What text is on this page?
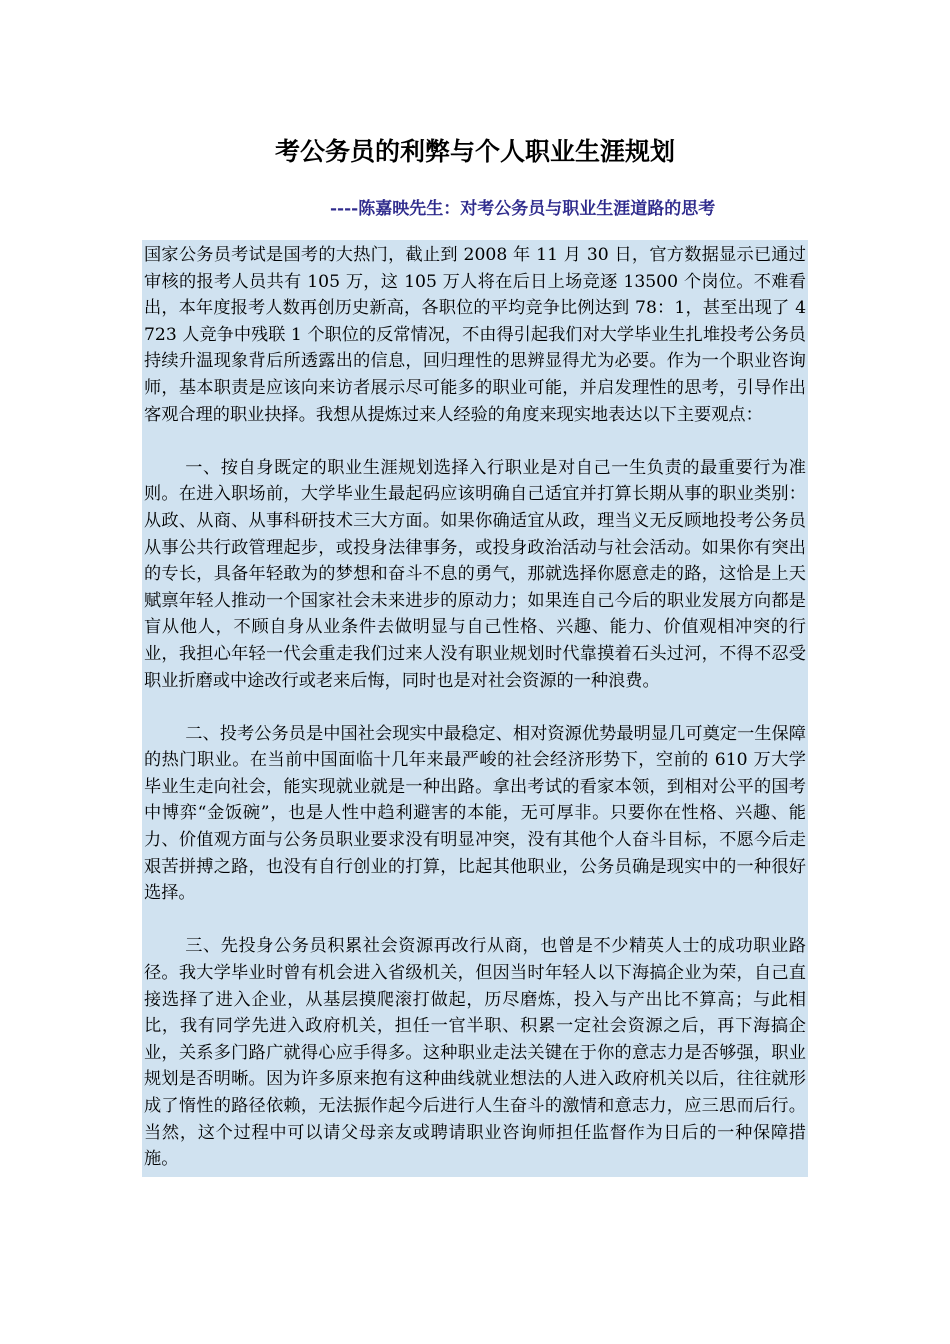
考公务员的利弊与个人职业生涯规划
----陈嘉映先生：对考公务员与职业生涯道路的思考

国家公务员考试是国考的大热门，截止到 2008 年 11 月 30 日，官方数据显示已通过审核的报考人员共有 105 万，这 105 万人将在后日上场竞逐 13500 个岗位。不难看出，本年度报考人数再创历史新高，各职位的平均竞争比例达到 78：1，甚至出现了 4723 人竞争中残联 1 个职位的反常情况，不由得引起我们对大学毕业生扎堆投考公务员持续升温现象背后所透露出的信息，回归理性的思辨显得尤为必要。作为一个职业咨询师，基本职责是应该向来访者展示尽可能多的职业可能，并启发理性的思考，引导作出客观合理的职业抉择。我想从提炼过来人经验的角度来现实地表达以下主要观点：

一、按自身既定的职业生涯规划选择入行职业是对自己一生负责的最重要行为准则。在进入职场前，大学毕业生最起码应该明确自己适宜并打算长期从事的职业类别：从政、从商、从事科研技术三大方面。如果你确适宜从政，理当义无反顾地投考公务员从事公共行政管理起步，或投身法律事务，或投身政治活动与社会活动。如果你有突出的专长，具备年轻敢为的梦想和奋斗不息的勇气，那就选择你愿意走的路，这恰是上天赋禀年轻人推动一个国家社会未来进步的原动力；如果连自己今后的职业发展方向都是盲从他人，不顾自身从业条件去做明显与自己性格、兴趣、能力、价值观相冲突的行业，我担心年轻一代会重走我们过来人没有职业规划时代靠摸着石头过河，不得不忍受职业折磨或中途改行或老来后悔，同时也是对社会资源的一种浪费。

二、投考公务员是中国社会现实中最稳定、相对资源优势最明显几可奠定一生保障的热门职业。在当前中国面临十几年来最严峻的社会经济形势下，空前的 610 万大学毕业生走向社会，能实现就业就是一种出路。拿出考试的看家本领，到相对公平的国考中博弈“金饭碗”，也是人性中趋利避害的本能，无可厚非。只要你在性格、兴趣、能力、价值观方面与公务员职业要求没有明显冲突，没有其他个人奋斗目标，不愿今后走艰苦拼搏之路，也没有自行创业的打算，比起其他职业，公务员确是现实中的一种很好选择。

三、先投身公务员积累社会资源再改行从商，也曾是不少精英人士的成功职业路径。我大学毕业时曾有机会进入省级机关，但因当时年轻人以下海搞企业为荣，自己直接选择了进入企业，从基层摸爬滚打做起，历尽磨炼，投入与产出比不算高；与此相比，我有同学先进入政府机关，担任一官半职、积累一定社会资源之后，再下海搞企业，关系多门路广就得心应手得多。这种职业走法关键在于你的意志力是否够强，职业规划是否明晰。因为许多原来抱有这种曲线就业想法的人进入政府机关以后，往往就形成了惰性的路径依赖，无法振作起今后进行人生奋斗的激情和意志力，应三思而后行。当然，这个过程中可以请父母亲友或聘请职业咨询师担任监督作为日后的一种保障措施。
